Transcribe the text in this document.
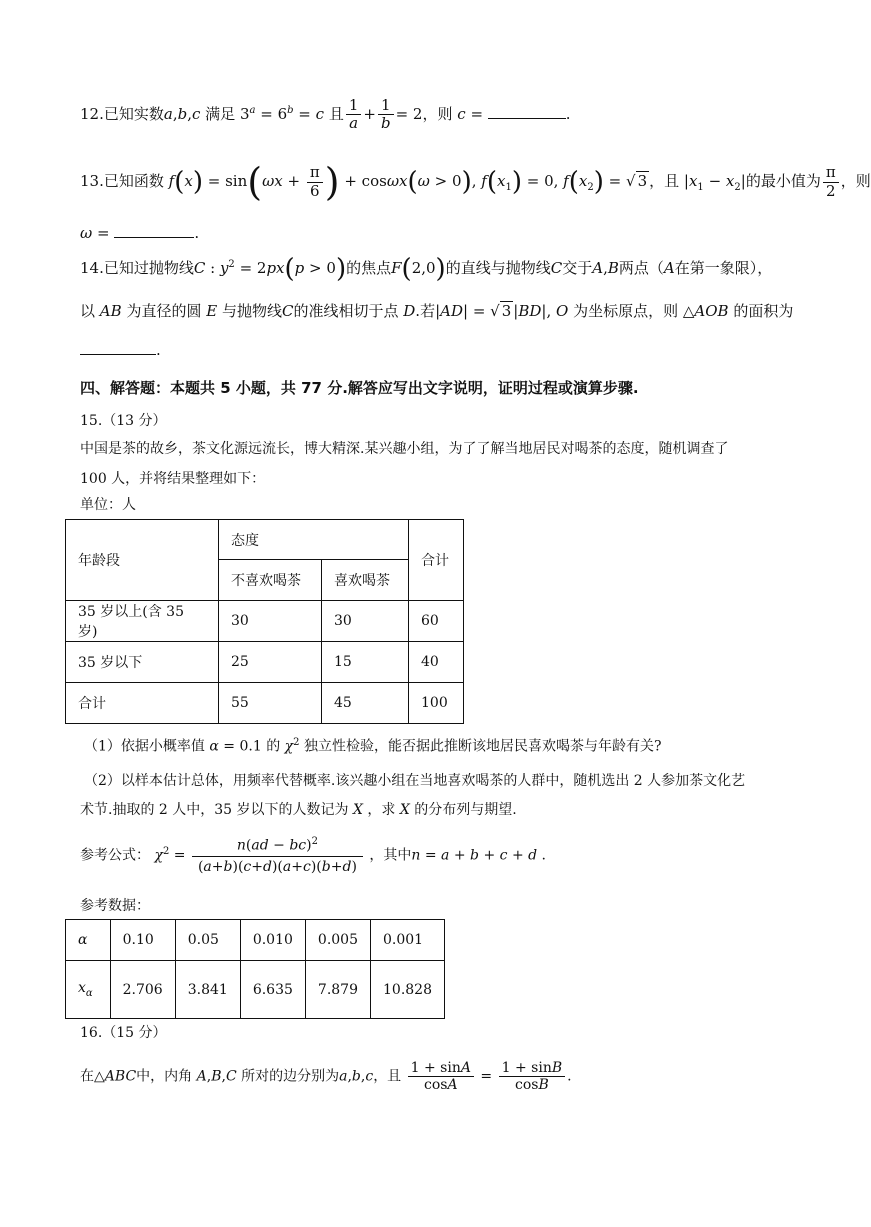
12.已知实数a,b,c 满足 $3^a = 6^b = c$ 且 $\frac{1}{a} + \frac{1}{b} = 2$，则 c =	.
13.已知函数 $f(x) = \sin(\omega x + \frac{\pi}{6}$ ) + cosωx(ω > 0), $f(x_1) = 0$, $f(x_2)$ = √ 3 ，且 $|x_1 - x_2|$的最小值为 $\frac{\pi}{2}$ ，则
ω =	.
14.已知过抛物线C : $y^2 = 2px(p > 0)$的焦点F(2,0)的直线与抛物线C交于A,B两点（A在第一象限），
以 AB 为直径的圆 E 与抛物线C的准线相切于点 D.若|AD| = √ 3 |BD|, O 为坐标原点，则 △AOB 的面积为
.
四、解答题：本题共 5 小题，共 77 分.解答应写出文字说明，证明过程或演算步骤.
15.（13 分）
中国是茶的故乡，茶文化源远流长，博大精深.某兴趣小组，为了了解当地居民对喝茶的态度，随机调查了
100 人，并将结果整理如下：
单位：人
年龄段	态度		合计
	不喜欢喝茶	喜欢喝茶	
35 岁以上(含 35 岁)	30	30	60
35 岁以下	25	15	40
合计	55	45	100
（1）依据小概率值 α = 0.1 的 $\chi^2$ 独立性检验，能否据此推断该地居民喜欢喝茶与年龄有关?
（2）以样本估计总体，用频率代替概率.该兴趣小组在当地喜欢喝茶的人群中，随机选出 2 人参加茶文化艺
术节.抽取的 2 人中，35 岁以下的人数记为 X ，求 X 的分布列与期望.
参考公式： $\chi^2 = \frac{n(ad - bc)^2}{(a+b)(c+d)(a+c)(b+d)}$ ，其中n = a + b + c + d .
参考数据：
α	0.10	0.05	0.010	0.005	0.001
$x_\alpha$	2.706	3.841	6.635	7.879	10.828
16.（15 分）
在△ABC中，内角 A,B,C 所对的边分别为a,b,c，且 $\frac{1 + \sin A}{\cos A} = \frac{1 + \sin B}{\cos B}$ .
